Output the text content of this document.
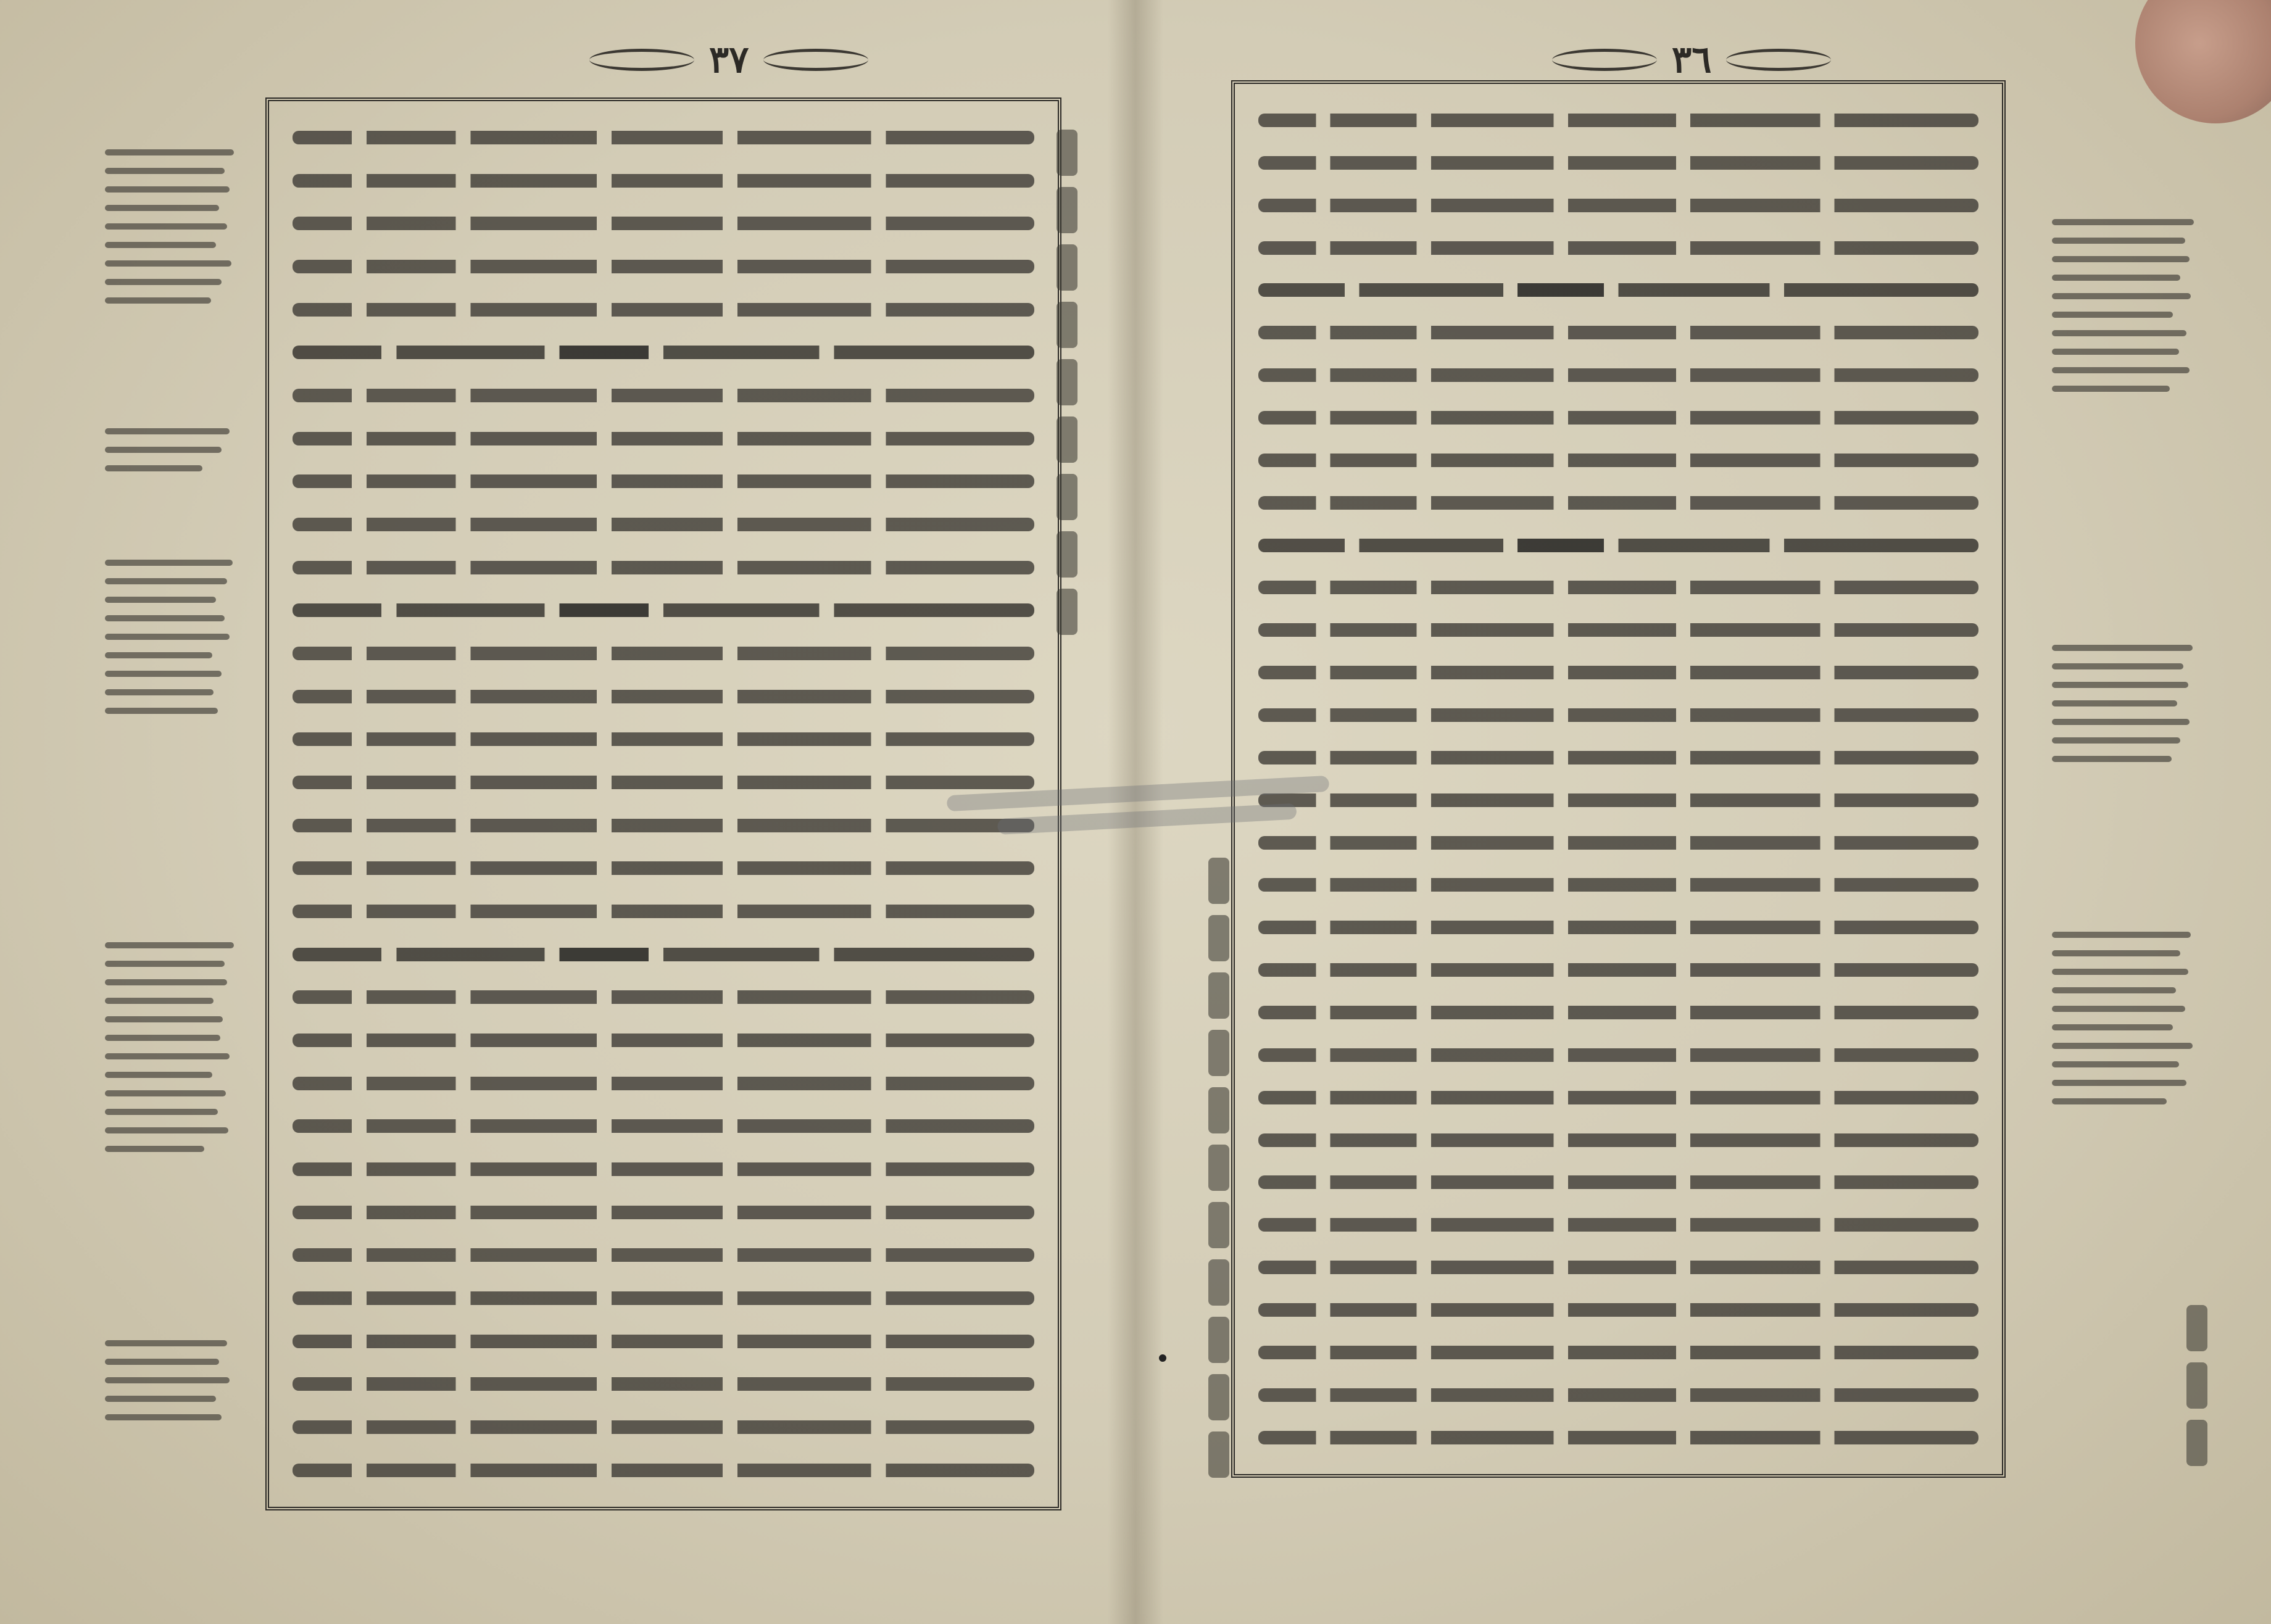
٣٧	٣٦
